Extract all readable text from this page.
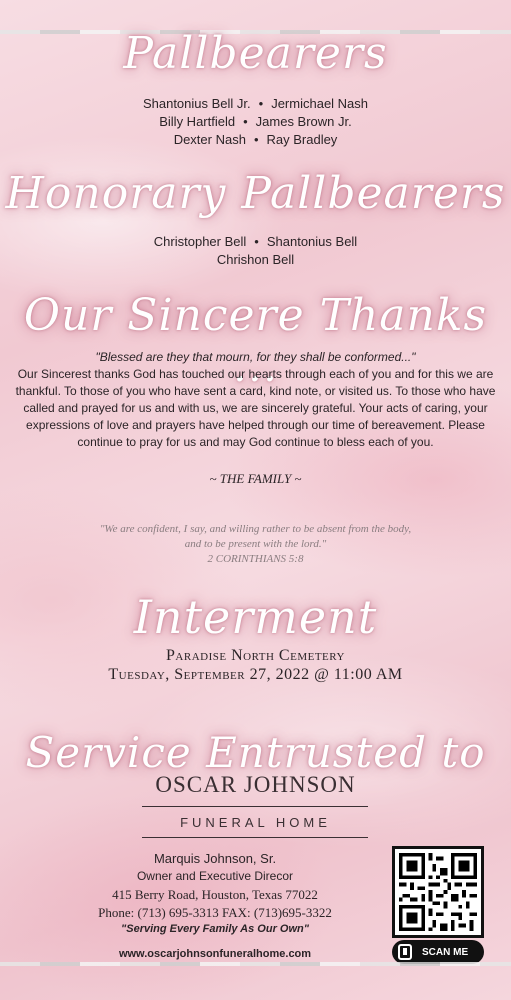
Pallbearers
Shantonius Bell Jr. • Jermichael Nash
Billy Hartfield • James Brown Jr.
Dexter Nash • Ray Bradley
Honorary Pallbearers
Christopher Bell • Shantonius Bell
Chrishon Bell
Our Sincere Thanks ...
"Blessed are they that mourn, for they shall be conformed..."
Our Sincerest thanks God has touched our hearts through each of you and for this we are thankful. To those of you who have sent a card, kind note, or visited us. To those who have called and prayed for us and with us, we are sincerely grateful. Your acts of caring, your expressions of love and prayers have helped through our time of bereavement. Please continue to pray for us and may God continue to bless each of you.
~ THE FAMILY ~
"We are confident, I say, and willing rather to be absent from the body,
and to be present with the lord."
2 CORINTHIANS 5:8
Interment
Paradise North Cemetery
Tuesday, September 27, 2022 @ 11:00 AM
Service Entrusted to
OSCAR JOHNSON
FUNERAL HOME
Marquis Johnson, Sr.
Owner and Executive Direcor
415 Berry Road, Houston, Texas 77022
Phone: (713) 695-3313 FAX: (713)695-3322
"Serving Every Family As Our Own"
www.oscarjohnsonfuneralhome.com	SCAN ME
